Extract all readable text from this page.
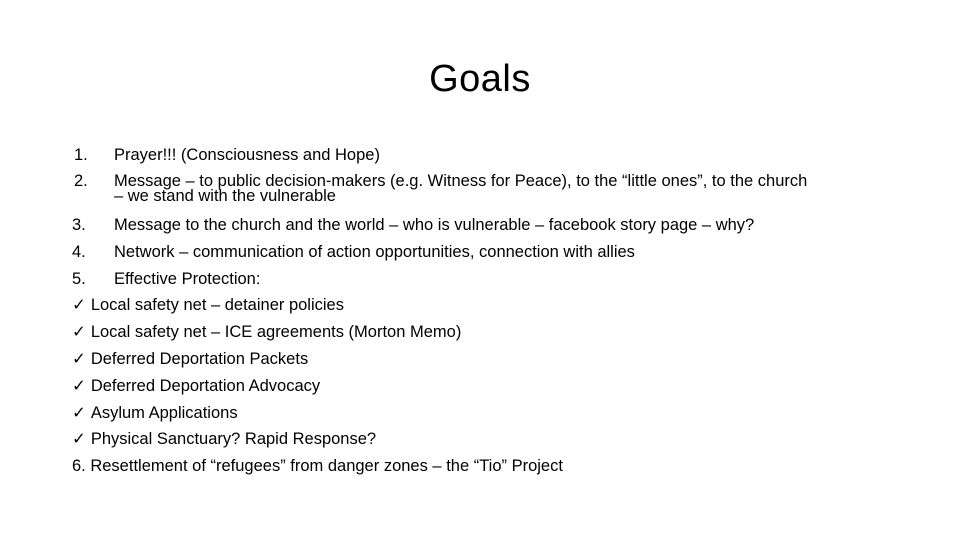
Goals
1. Prayer!!! (Consciousness and Hope)
2. Message – to public decision-makers (e.g. Witness for Peace), to the “little ones”, to the church
– we stand with the vulnerable
3. Message to the church and the world – who is vulnerable – facebook story page – why?
4. Network – communication of action opportunities, connection with allies
5. Effective Protection:
✓ Local safety net – detainer policies
✓ Local safety net – ICE agreements (Morton Memo)
✓ Deferred Deportation Packets
✓ Deferred Deportation Advocacy
✓ Asylum Applications
✓ Physical Sanctuary? Rapid Response?
6. Resettlement of “refugees” from danger zones – the “Tio” Project
